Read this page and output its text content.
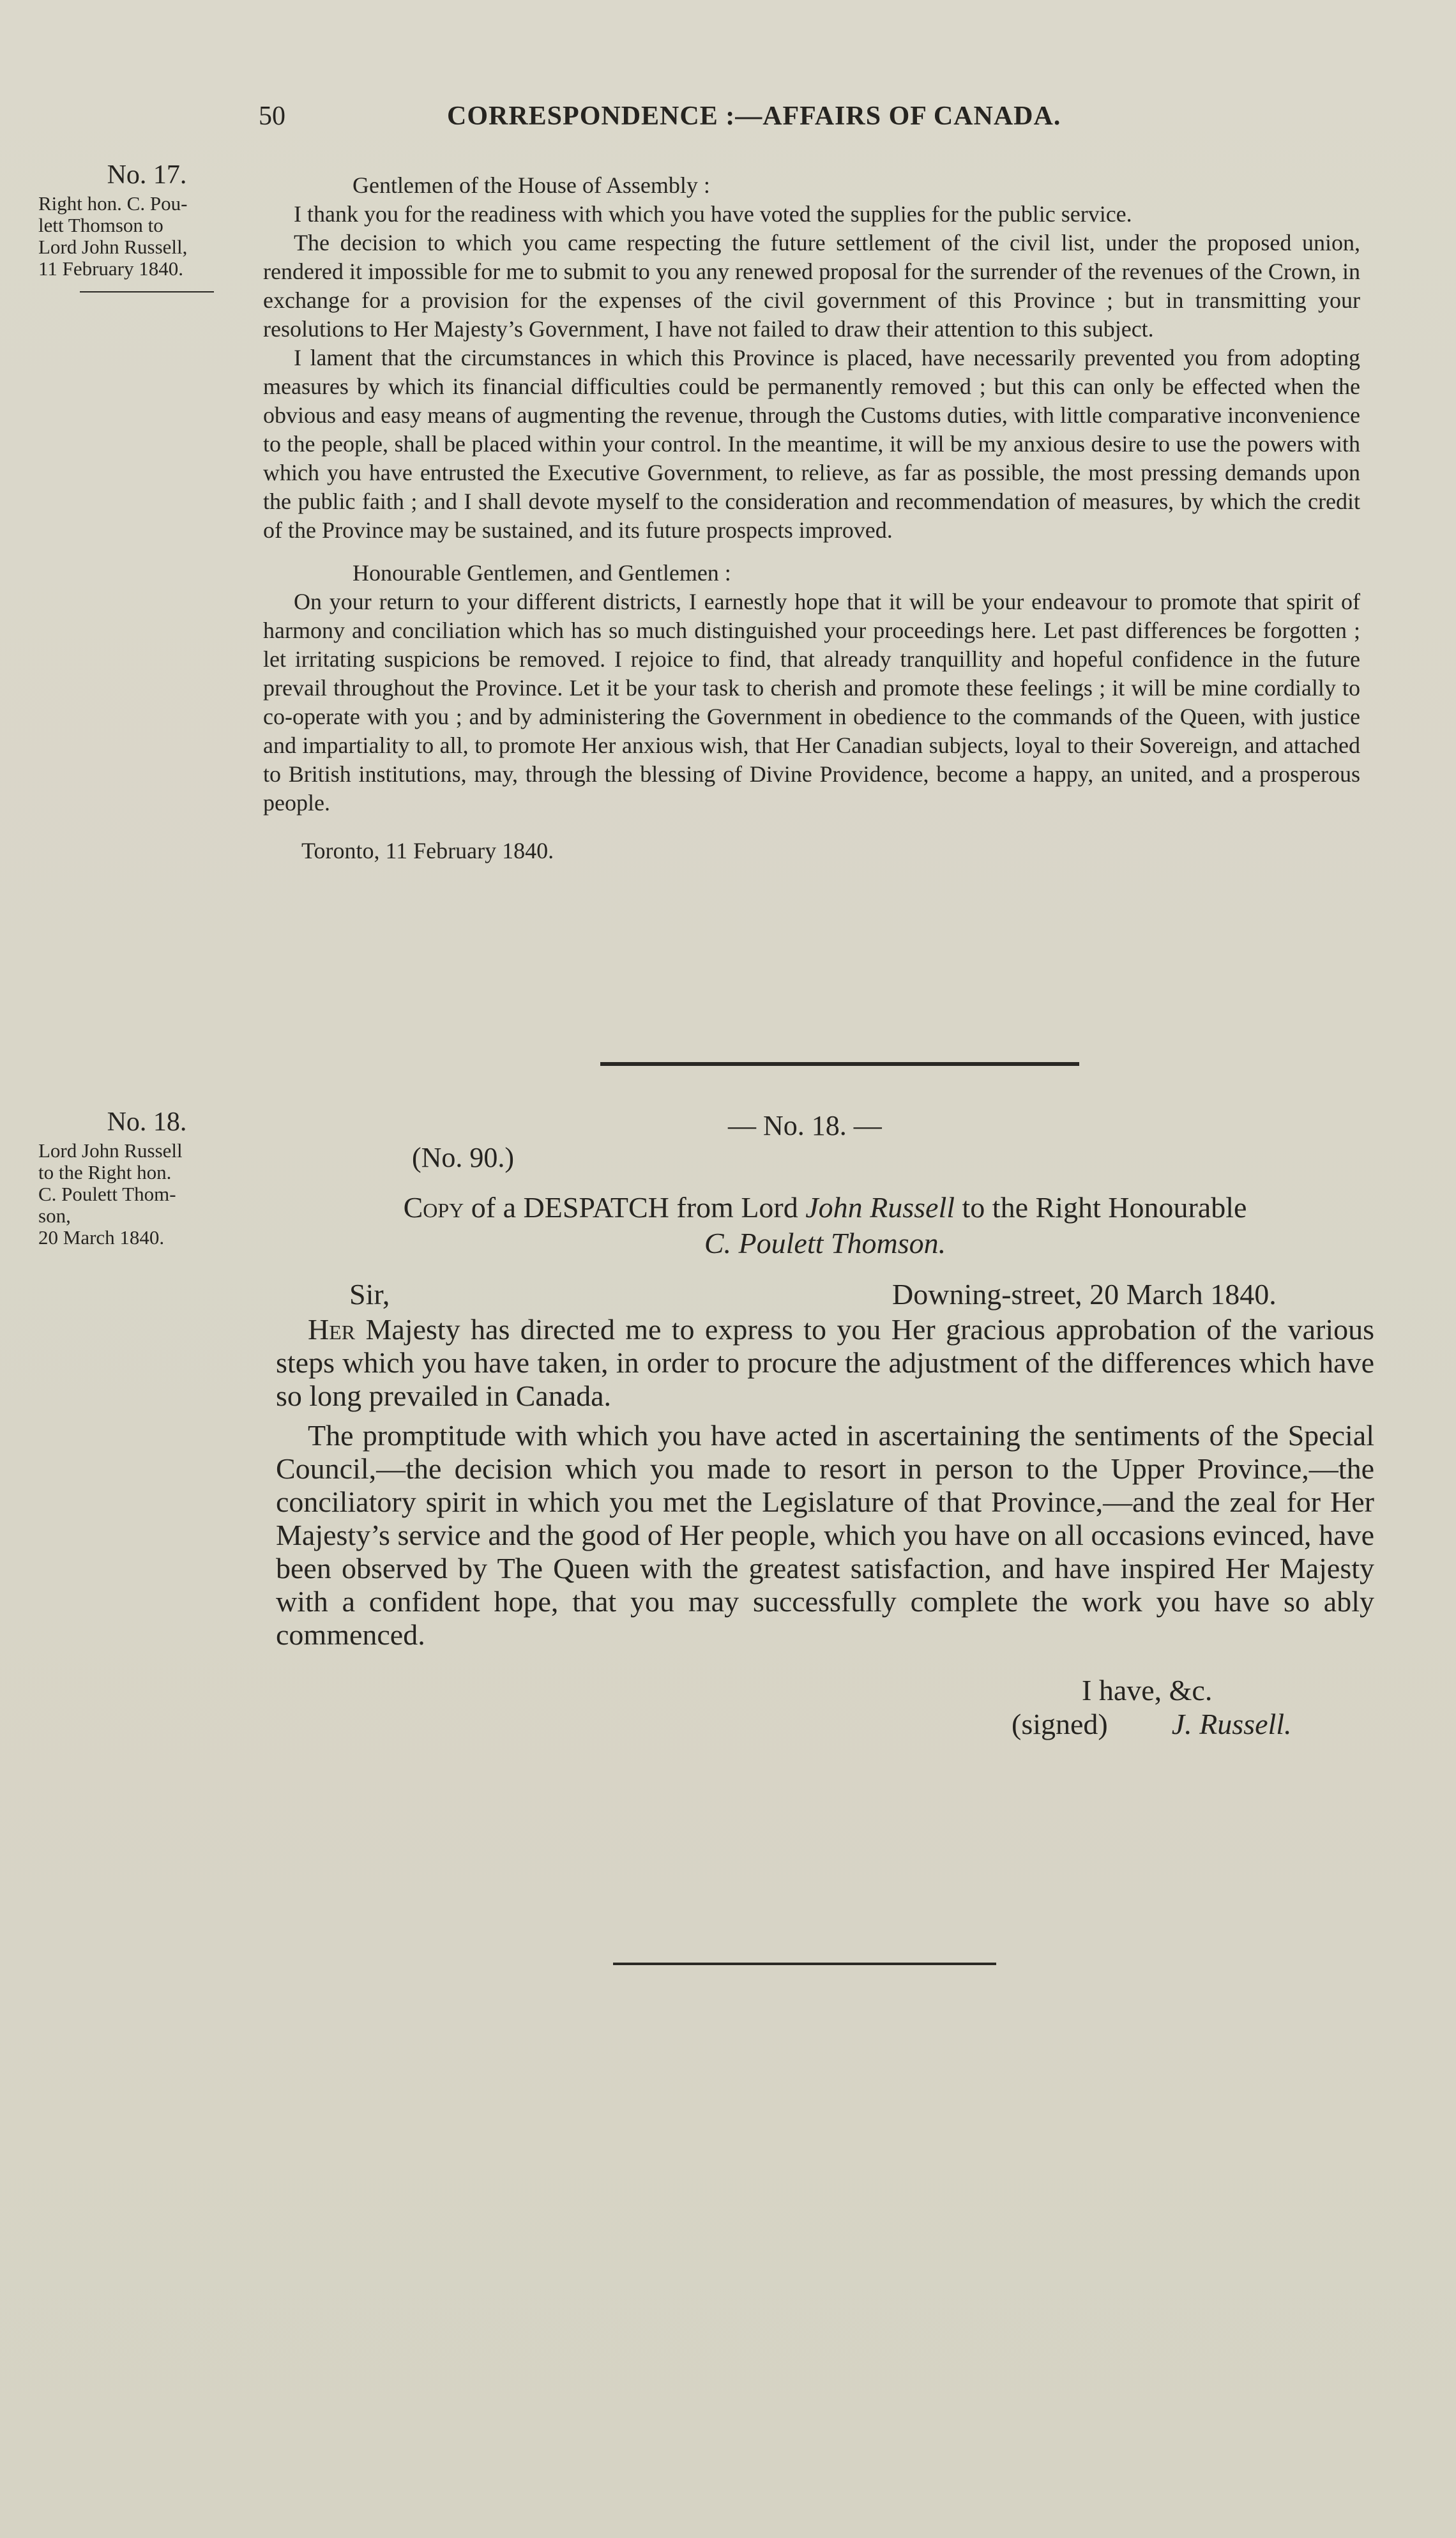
50	CORRESPONDENCE :—AFFAIRS OF CANADA.
No. 17.
Right hon. C. Pou-
lett Thomson to
Lord John Russell,
11 February 1840.
Gentlemen of the House of Assembly :

I thank you for the readiness with which you have voted the supplies for the public service.

The decision to which you came respecting the future settlement of the civil list, under the proposed union, rendered it impossible for me to submit to you any renewed proposal for the surrender of the revenues of the Crown, in exchange for a provision for the expenses of the civil government of this Province ; but in transmitting your resolutions to Her Majesty’s Government, I have not failed to draw their attention to this subject.

I lament that the circumstances in which this Province is placed, have necessarily prevented you from adopting measures by which its financial difficulties could be permanently removed ; but this can only be effected when the obvious and easy means of augmenting the revenue, through the Customs duties, with little comparative inconvenience to the people, shall be placed within your control. In the meantime, it will be my anxious desire to use the powers with which you have entrusted the Executive Government, to relieve, as far as possible, the most pressing demands upon the public faith ; and I shall devote myself to the consideration and recommendation of measures, by which the credit of the Province may be sustained, and its future prospects improved.

Honourable Gentlemen, and Gentlemen :

On your return to your different districts, I earnestly hope that it will be your endeavour to promote that spirit of harmony and conciliation which has so much distinguished your proceedings here. Let past differences be forgotten ; let irritating suspicions be removed. I rejoice to find, that already tranquillity and hopeful confidence in the future prevail throughout the Province. Let it be your task to cherish and promote these feelings ; it will be mine cordially to co-operate with you ; and by administering the Government in obedience to the commands of the Queen, with justice and impartiality to all, to promote Her anxious wish, that Her Canadian subjects, loyal to their Sovereign, and attached to British institutions, may, through the blessing of Divine Providence, become a happy, an united, and a prosperous people.

Toronto, 11 February 1840.
No. 18.
Lord John Russell
to the Right hon.
C. Poulett Thom-
son,
20 March 1840.
— No. 18. —
(No. 90.)
Copy of a DESPATCH from Lord John Russell to the Right Honourable
C. Poulett Thomson.
Sir,	Downing-street, 20 March 1840.

Her Majesty has directed me to express to you Her gracious approbation of the various steps which you have taken, in order to procure the adjustment of the differences which have so long prevailed in Canada.

The promptitude with which you have acted in ascertaining the sentiments of the Special Council,—the decision which you made to resort in person to the Upper Province,—the conciliatory spirit in which you met the Legislature of that Province,—and the zeal for Her Majesty’s service and the good of Her people, which you have on all occasions evinced, have been observed by The Queen with the greatest satisfaction, and have inspired Her Majesty with a confident hope, that you may successfully complete the work you have so ably commenced.

I have, &c.
(signed) J. Russell.
